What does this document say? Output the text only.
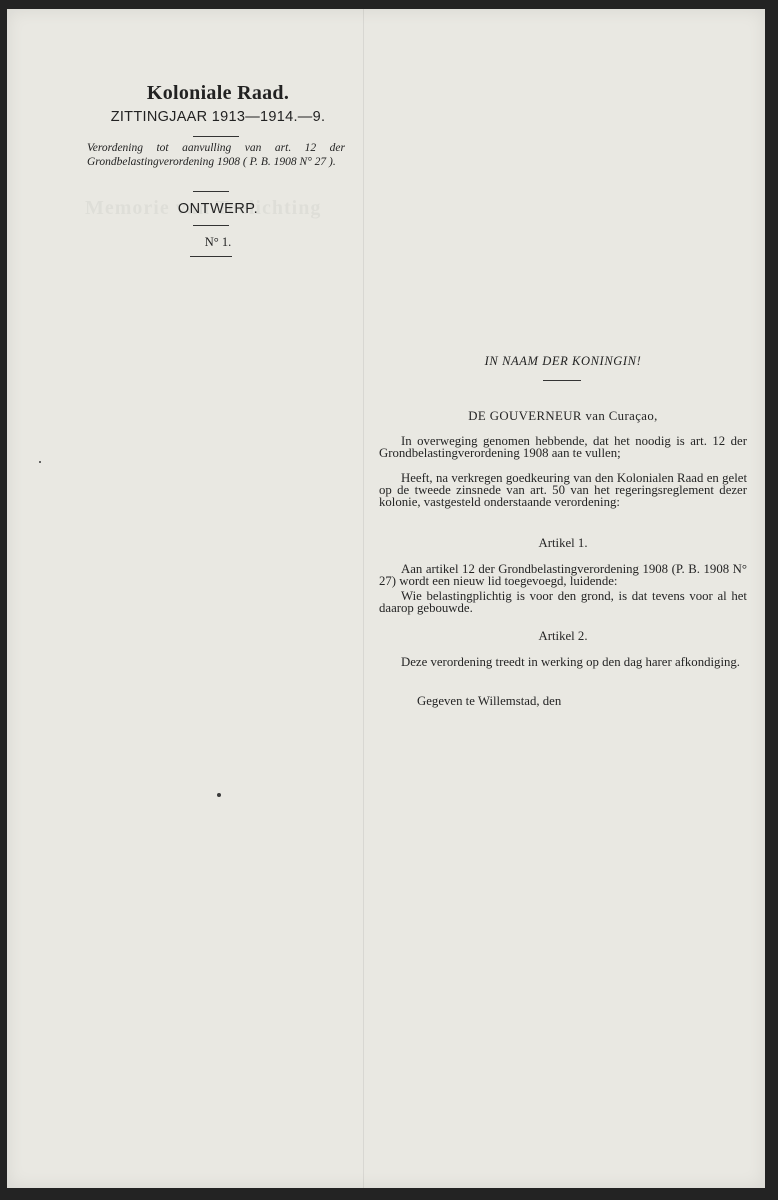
Koloniale Raad.
ZITTINGJAAR 1913—1914.—9.
Verordening tot aanvulling van art. 12 der Grondbelastingverordening 1908 ( P. B. 1908 N° 27 ).
ONTWERP.
N° 1.
IN NAAM DER KONINGIN!
DE GOUVERNEUR van Curaçao,
In overweging genomen hebbende, dat het noodig is art. 12 der Grondbelastingverordening 1908 aan te vullen;
Heeft, na verkregen goedkeuring van den Kolonialen Raad en gelet op de tweede zinsnede van art. 50 van het regeringsreglement dezer kolonie, vastgesteld onderstaande verordening:
Artikel 1.
Aan artikel 12 der Grondbelastingverordening 1908 (P. B. 1908 N° 27) wordt een nieuw lid toegevoegd, luidende:
Wie belastingplichtig is voor den grond, is dat tevens voor al het daarop gebouwde.
Artikel 2.
Deze verordening treedt in werking op den dag harer afkondiging.
Gegeven te Willemstad, den
